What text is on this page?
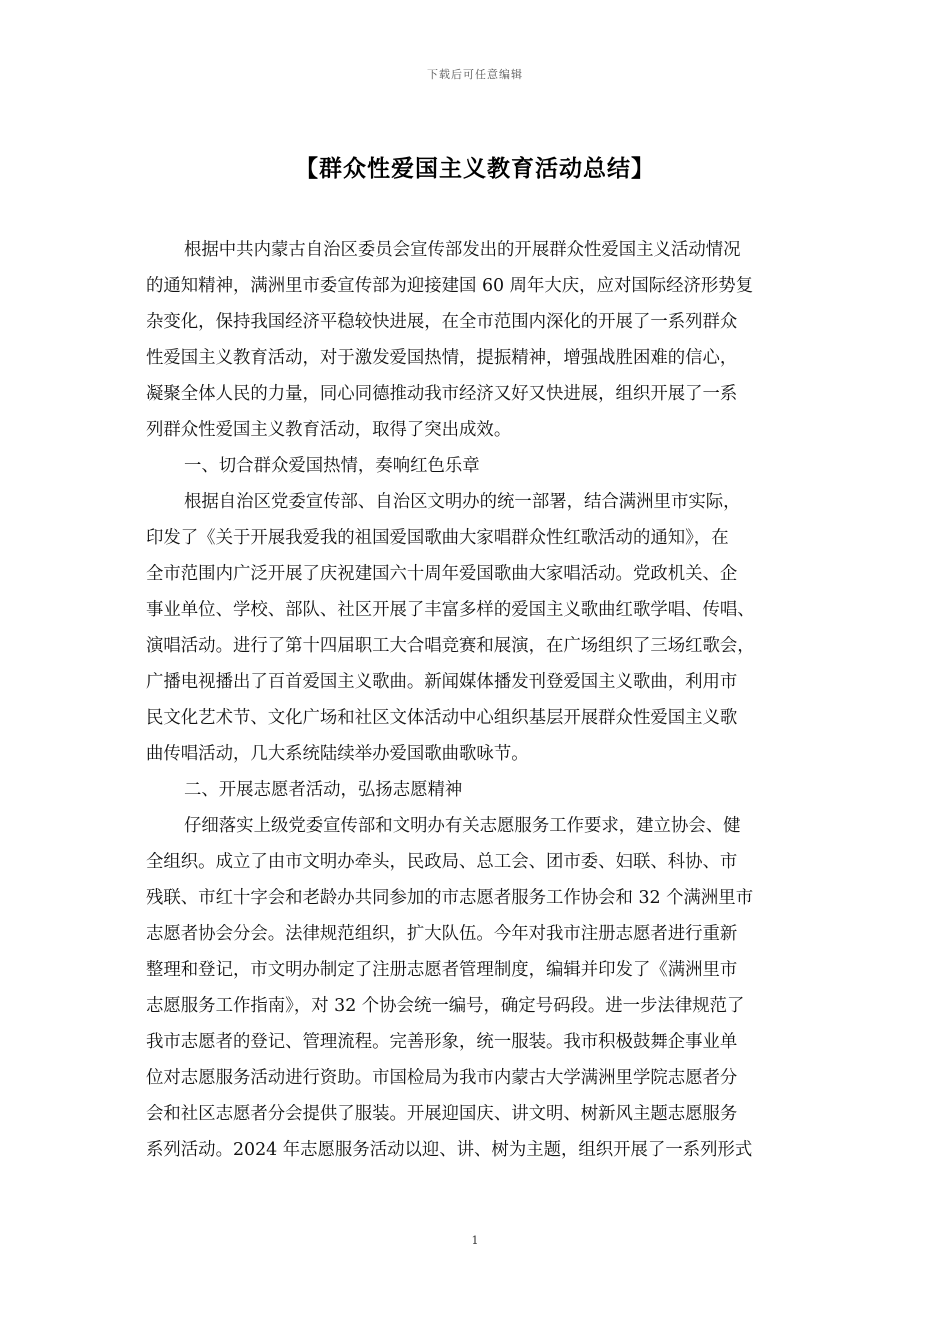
下载后可任意编辑
【群众性爱国主义教育活动总结】
根据中共内蒙古自治区委员会宣传部发出的开展群众性爱国主义活动情况
的通知精神，满洲里市委宣传部为迎接建国 60 周年大庆，应对国际经济形势复
杂变化，保持我国经济平稳较快进展，在全市范围内深化的开展了一系列群众
性爱国主义教育活动，对于激发爱国热情，提振精神，增强战胜困难的信心，
凝聚全体人民的力量，同心同德推动我市经济又好又快进展，组织开展了一系
列群众性爱国主义教育活动，取得了突出成效。
一、切合群众爱国热情，奏响红色乐章
根据自治区党委宣传部、自治区文明办的统一部署，结合满洲里市实际，
印发了《关于开展我爱我的祖国爱国歌曲大家唱群众性红歌活动的通知》，在
全市范围内广泛开展了庆祝建国六十周年爱国歌曲大家唱活动。党政机关、企
事业单位、学校、部队、社区开展了丰富多样的爱国主义歌曲红歌学唱、传唱、
演唱活动。进行了第十四届职工大合唱竞赛和展演，在广场组织了三场红歌会，
广播电视播出了百首爱国主义歌曲。新闻媒体播发刊登爱国主义歌曲，利用市
民文化艺术节、文化广场和社区文体活动中心组织基层开展群众性爱国主义歌
曲传唱活动，几大系统陆续举办爱国歌曲歌咏节。
二、开展志愿者活动，弘扬志愿精神
仔细落实上级党委宣传部和文明办有关志愿服务工作要求，建立协会、健
全组织。成立了由市文明办牵头，民政局、总工会、团市委、妇联、科协、市
残联、市红十字会和老龄办共同参加的市志愿者服务工作协会和 32 个满洲里市
志愿者协会分会。法律规范组织，扩大队伍。今年对我市注册志愿者进行重新
整理和登记，市文明办制定了注册志愿者管理制度，编辑并印发了《满洲里市
志愿服务工作指南》，对 32 个协会统一编号，确定号码段。进一步法律规范了
我市志愿者的登记、管理流程。完善形象，统一服装。我市积极鼓舞企事业单
位对志愿服务活动进行资助。市国检局为我市内蒙古大学满洲里学院志愿者分
会和社区志愿者分会提供了服装。开展迎国庆、讲文明、树新风主题志愿服务
系列活动。2024 年志愿服务活动以迎、讲、树为主题，组织开展了一系列形式
1
